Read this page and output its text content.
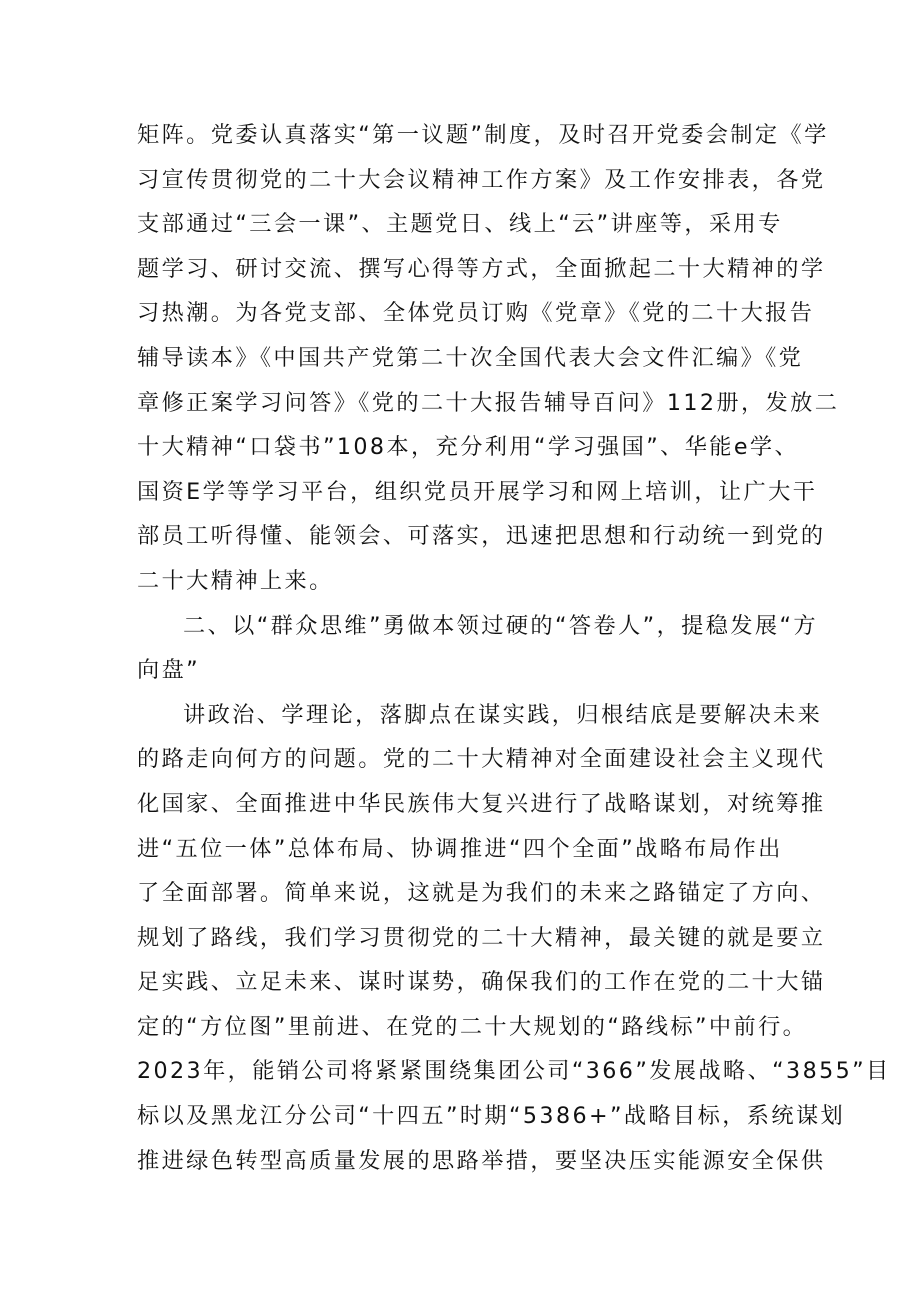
矩阵。党委认真落实“第一议题”制度，及时召开党委会制定《学
习宣传贯彻党的二十大会议精神工作方案》及工作安排表，各党
支部通过“三会一课”、主题党日、线上“云”讲座等，采用专
题学习、研讨交流、撰写心得等方式，全面掀起二十大精神的学
习热潮。为各党支部、全体党员订购《党章》《党的二十大报告
辅导读本》《中国共产党第二十次全国代表大会文件汇编》《党
章修正案学习问答》《党的二十大报告辅导百问》112册，发放二
十大精神“口袋书”108本，充分利用“学习强国”、华能e学、
国资E学等学习平台，组织党员开展学习和网上培训，让广大干
部员工听得懂、能领会、可落实，迅速把思想和行动统一到党的
二十大精神上来。
二、以“群众思维”勇做本领过硬的“答卷人”，提稳发展“方
向盘”
讲政治、学理论，落脚点在谋实践，归根结底是要解决未来
的路走向何方的问题。党的二十大精神对全面建设社会主义现代
化国家、全面推进中华民族伟大复兴进行了战略谋划，对统筹推
进“五位一体”总体布局、协调推进“四个全面”战略布局作出
了全面部署。简单来说，这就是为我们的未来之路锚定了方向、
规划了路线，我们学习贯彻党的二十大精神，最关键的就是要立
足实践、立足未来、谋时谋势，确保我们的工作在党的二十大锚
定的“方位图”里前进、在党的二十大规划的“路线标”中前行。
2023年，能销公司将紧紧围绕集团公司“366”发展战略、“3855”目
标以及黑龙江分公司“十四五”时期“5386+”战略目标，系统谋划
推进绿色转型高质量发展的思路举措，要坚决压实能源安全保供
